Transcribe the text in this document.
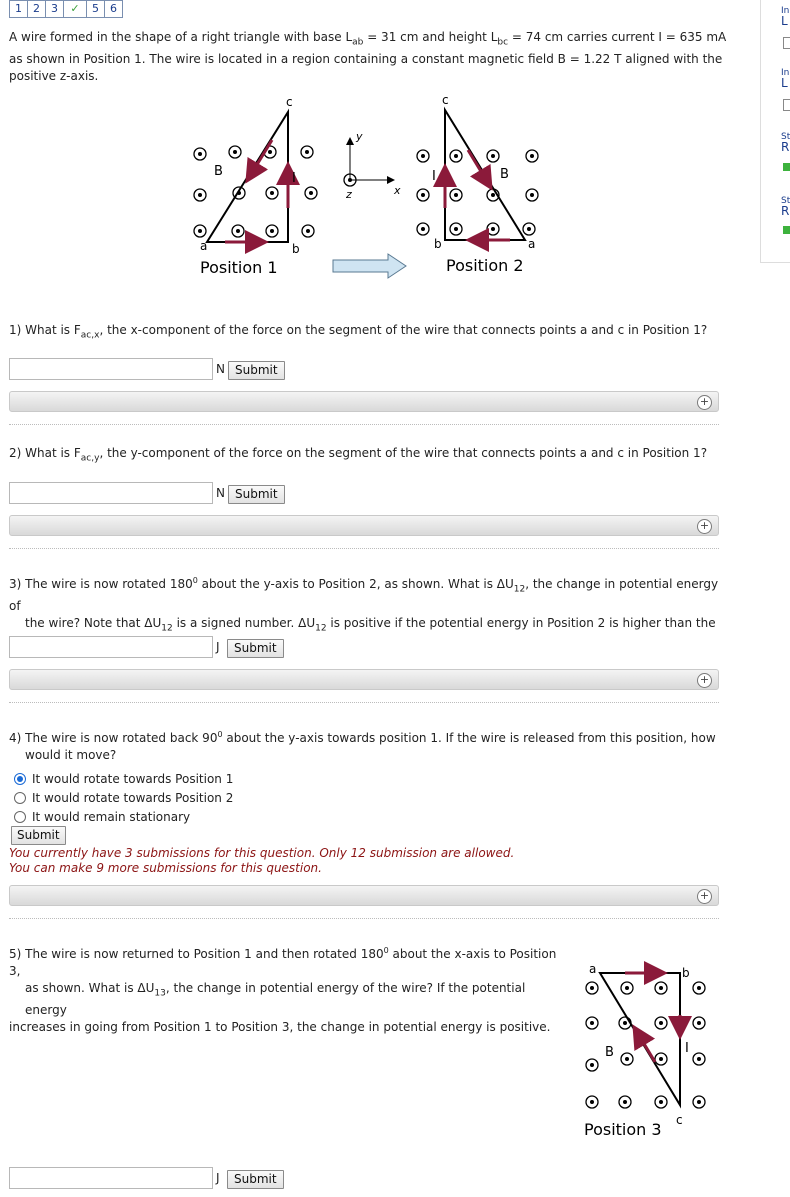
1	2	3	✓	5	6
A wire formed in the shape of a right triangle with base $L_{ab} = 31$ cm and height $L_{bc} = 74$ cm carries current I = 635 mA as shown in Position 1. The wire is located in a region containing a constant magnetic field B = 1.22 T aligned with the positive z-axis.
c
a	b
B	I
Position 1
y
x
z
c
a
b
B
I
Position 2
1) What is $F_{ac,x}$, the x-component of the force on the segment of the wire that connects points a and c in Position 1?
N Submit
+
2) What is $F_{ac,y}$, the y-component of the force on the segment of the wire that connects points a and c in Position 1?
N Submit
+
3) The wire is now rotated $180^0$ about the y-axis to Position 2, as shown. What is $\Delta U_{12}$, the change in potential energy of
the wire? Note that $\Delta U_{12}$ is a signed number. $\Delta U_{12}$ is positive if the potential energy in Position 2 is higher than the
J	Submit
+
4) The wire is now rotated back $90^0$ about the y-axis towards position 1. If the wire is released from this position, how
would it move?
It would rotate towards Position 1
It would rotate towards Position 2
It would remain stationary
Submit
You currently have 3 submissions for this question. Only 12 submission are allowed.
You can make 9 more submissions for this question.
+
5) The wire is now returned to Position 1 and then rotated $180^0$ about the x-axis to Position 3,
as shown. What is $\Delta U_{13}$, the change in potential energy of the wire? If the potential energy
increases in going from Position 1 to Position 3, the change in potential energy is positive.
a	b
c
B	I
Position 3
J	Submit
In
L
In
L
St
R
St
R
